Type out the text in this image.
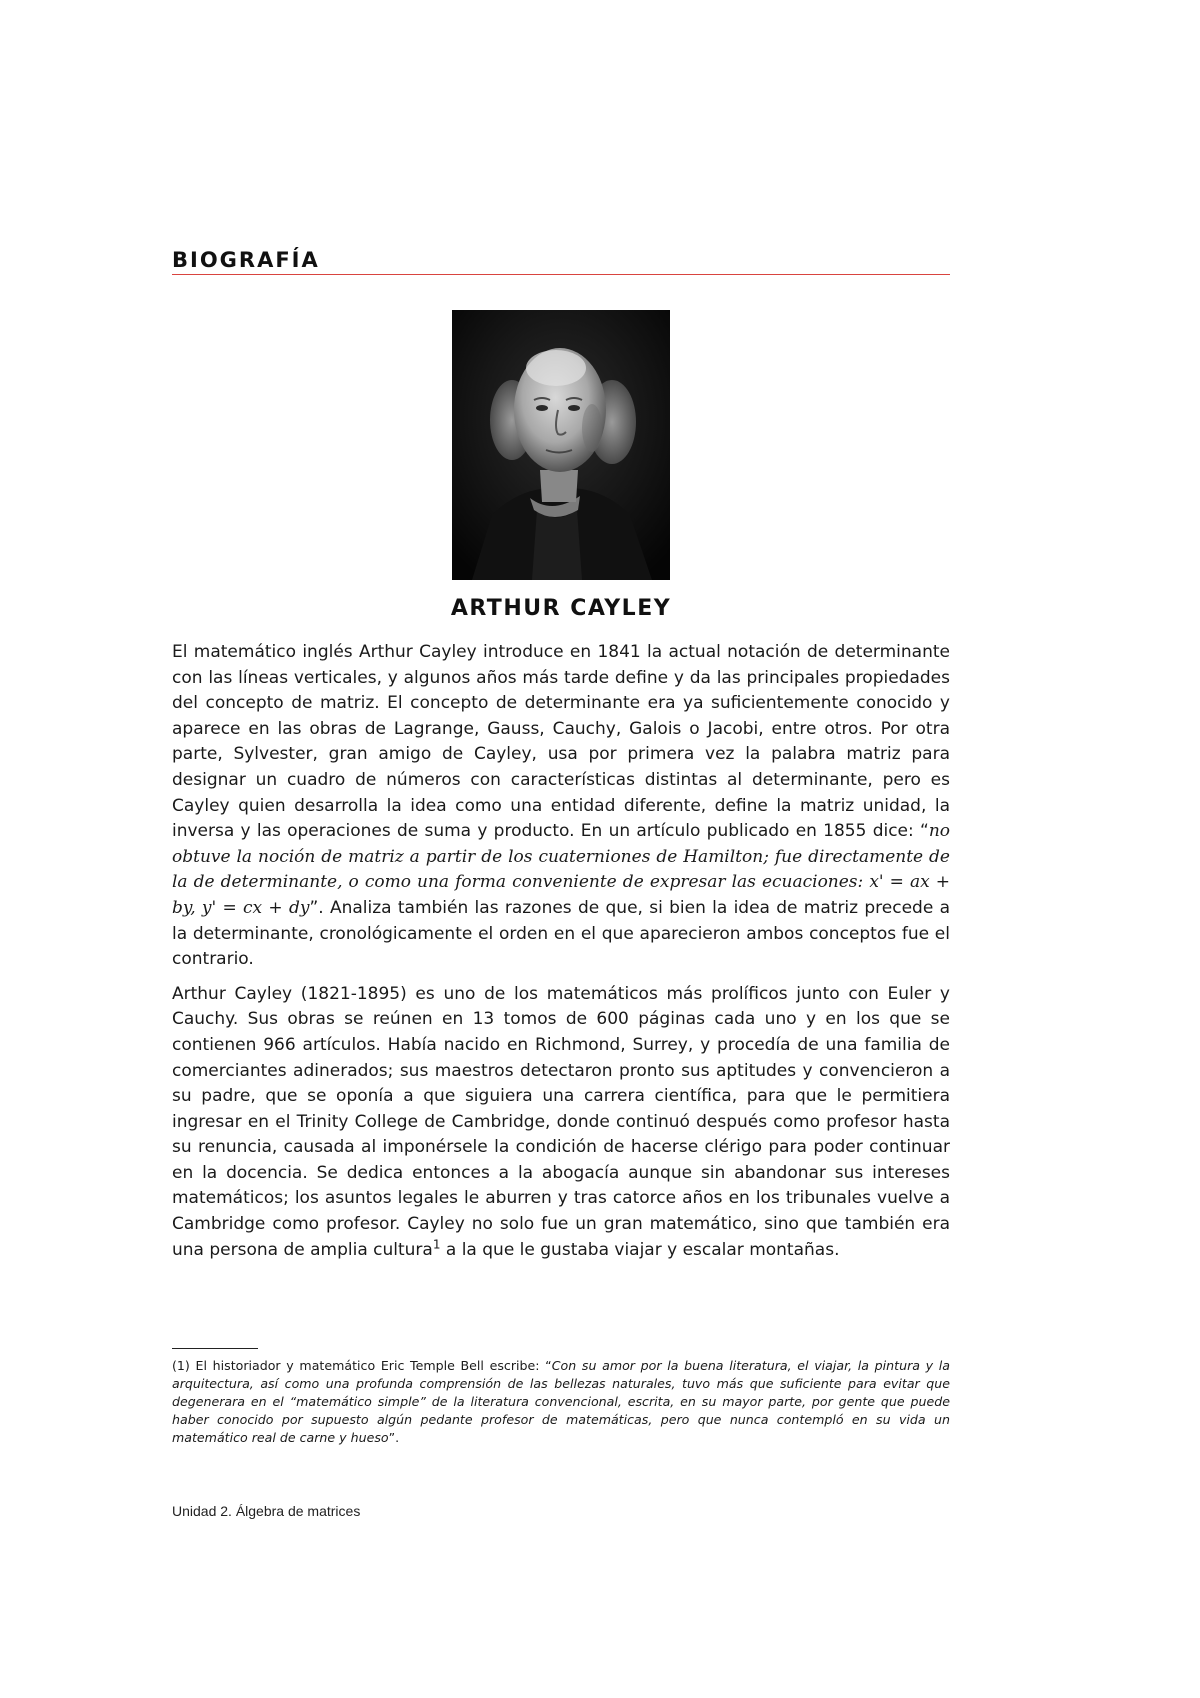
BIOGRAFÍA
ARTHUR CAYLEY

El matemático inglés Arthur Cayley introduce en 1841 la actual notación de determinante con las líneas verticales, y algunos años más tarde define y da las principales propiedades del concepto de matriz. El concepto de determinante era ya suficientemente conocido y aparece en las obras de Lagrange, Gauss, Cauchy, Galois o Jacobi, entre otros. Por otra parte, Sylvester, gran amigo de Cayley, usa por primera vez la palabra matriz para designar un cuadro de números con características distintas al determinante, pero es Cayley quien desarrolla la idea como una entidad diferente, define la matriz unidad, la inversa y las operaciones de suma y producto. En un artículo publicado en 1855 dice: “no obtuve la noción de matriz a partir de los cuaterniones de Hamilton; fue directamente de la de determinante, o como una forma conveniente de expresar las ecuaciones: x' = ax + by, y' = cx + dy”. Analiza también las razones de que, si bien la idea de matriz precede a la determinante, cronológicamente el orden en el que aparecieron ambos conceptos fue el contrario.

Arthur Cayley (1821-1895) es uno de los matemáticos más prolíficos junto con Euler y Cauchy. Sus obras se reúnen en 13 tomos de 600 páginas cada uno y en los que se contienen 966 artículos. Había nacido en Richmond, Surrey, y procedía de una familia de comerciantes adinerados; sus maestros detectaron pronto sus aptitudes y convencieron a su padre, que se oponía a que siguiera una carrera científica, para que le permitiera ingresar en el Trinity College de Cambridge, donde continuó después como profesor hasta su renuncia, causada al imponérsele la condición de hacerse clérigo para poder continuar en la docencia. Se dedica entonces a la abogacía aunque sin abandonar sus intereses matemáticos; los asuntos legales le aburren y tras catorce años en los tribunales vuelve a Cambridge como profesor. Cayley no solo fue un gran matemático, sino que también era una persona de amplia cultura$^1$ a la que le gustaba viajar y escalar montañas.

(1) El historiador y matemático Eric Temple Bell escribe: “Con su amor por la buena literatura, el viajar, la pintura y la arquitectura, así como una profunda comprensión de las bellezas naturales, tuvo más que suficiente para evitar que degenerara en el “matemático simple” de la literatura convencional, escrita, en su mayor parte, por gente que puede haber conocido por supuesto algún pedante profesor de matemáticas, pero que nunca contempló en su vida un matemático real de carne y hueso”.
Unidad 2. Álgebra de matrices
